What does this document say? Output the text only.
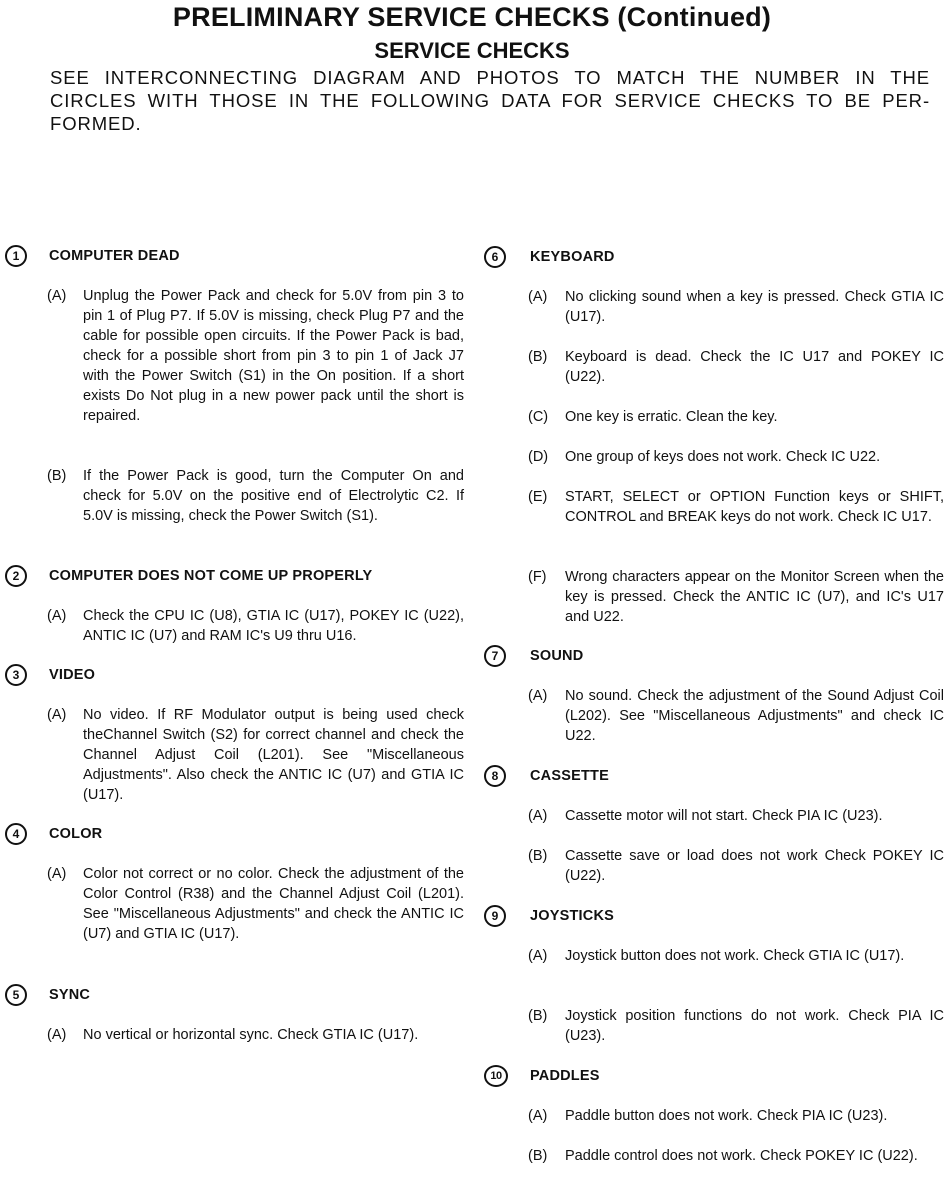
PRELIMINARY SERVICE CHECKS (Continued)
SERVICE CHECKS

SEE INTERCONNECTING DIAGRAM AND PHOTOS TO MATCH THE NUMBER IN THE CIRCLES WITH THOSE IN THE FOLLOWING DATA FOR SERVICE CHECKS TO BE PER-FORMED.

1	COMPUTER DEAD
(A) Unplug the Power Pack and check for 5.0V from pin 3 to pin 1 of Plug P7. If 5.0V is missing, check Plug P7 and the cable for possible open circuits. If the Power Pack is bad, check for a possible short from pin 3 to pin 1 of Jack J7 with the Power Switch (S1) in the On position. If a short exists Do Not plug in a new power pack until the short is repaired.
(B) If the Power Pack is good, turn the Computer On and check for 5.0V on the positive end of Electrolytic C2. If 5.0V is missing, check the Power Switch (S1).
2	COMPUTER DOES NOT COME UP PROPERLY
(A) Check the CPU IC (U8), GTIA IC (U17), POKEY IC (U22), ANTIC IC (U7) and RAM IC's U9 thru U16.
3	VIDEO
(A) No video. If RF Modulator output is being used check theChannel Switch (S2) for correct channel and check the Channel Adjust Coil (L201). See "Miscellaneous Adjustments". Also check the ANTIC IC (U7) and GTIA IC (U17).
4	COLOR
(A) Color not correct or no color. Check the adjustment of the Color Control (R38) and the Channel Adjust Coil (L201). See "Miscellaneous Adjustments" and check the ANTIC IC (U7) and GTIA IC (U17).
5	SYNC
(A) No vertical or horizontal sync. Check GTIA IC (U17).
6	KEYBOARD
(A) No clicking sound when a key is pressed. Check GTIA IC (U17).
(B) Keyboard is dead. Check the IC U17 and POKEY IC (U22).
(C) One key is erratic. Clean the key.
(D) One group of keys does not work. Check IC U22.
(E) START, SELECT or OPTION Function keys or SHIFT, CONTROL and BREAK keys do not work. Check IC U17.
(F) Wrong characters appear on the Monitor Screen when the key is pressed. Check the ANTIC IC (U7), and IC's U17 and U22.
7	SOUND
(A) No sound. Check the adjustment of the Sound Adjust Coil (L202). See "Miscellaneous Adjustments" and check IC U22.
8	CASSETTE
(A) Cassette motor will not start. Check PIA IC (U23).
(B) Cassette save or load does not work Check POKEY IC (U22).
9	JOYSTICKS
(A) Joystick button does not work. Check GTIA IC (U17).
(B) Joystick position functions do not work. Check PIA IC (U23).
10	PADDLES
(A) Paddle button does not work. Check PIA IC (U23).
(B) Paddle control does not work. Check POKEY IC (U22).
